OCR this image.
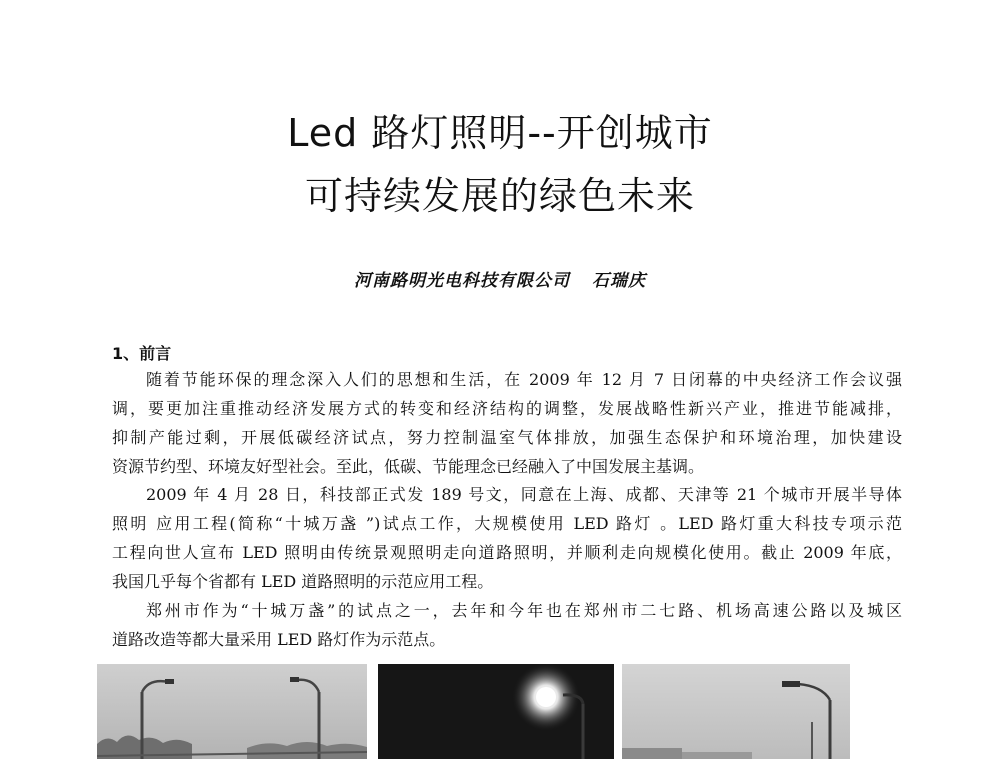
Led 路灯照明--开创城市
可持续发展的绿色未来
河南路明光电科技有限公司 石瑞庆
1、前言
随着节能环保的理念深入人们的思想和生活，在 2009 年 12 月 7 日闭幕的中央经济工作会议强
调，要更加注重推动经济发展方式的转变和经济结构的调整，发展战略性新兴产业，推进节能减排，
抑制产能过剩，开展低碳经济试点，努力控制温室气体排放，加强生态保护和环境治理，加快建设
资源节约型、环境友好型社会。至此，低碳、节能理念已经融入了中国发展主基调。
2009 年 4 月 28 日，科技部正式发 189 号文，同意在上海、成都、天津等 21 个城市开展半导体
照明 应用工程(简称“十城万盏 ”)试点工作，大规模使用 LED 路灯 。LED 路灯重大科技专项示范
工程向世人宣布 LED 照明由传统景观照明走向道路照明，并顺利走向规模化使用。截止 2009 年底，
我国几乎每个省都有 LED 道路照明的示范应用工程。
郑州市作为“十城万盏”的试点之一，去年和今年也在郑州市二七路、机场高速公路以及城区
道路改造等都大量采用 LED 路灯作为示范点。
